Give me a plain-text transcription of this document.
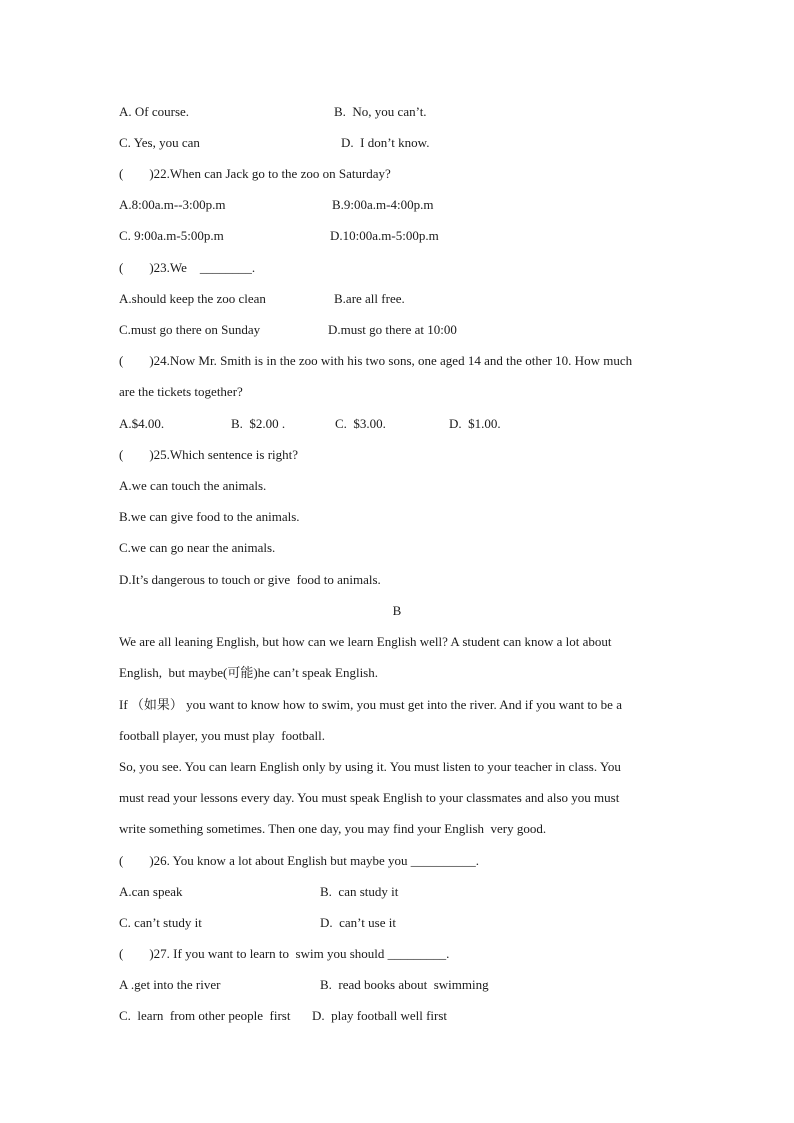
A. Of course.	B.  No, you can’t.
C. Yes, you can	D.  I don’t know.
(        )22.When can Jack go to the zoo on Saturday?
A.8:00a.m--3:00p.m	B.9:00a.m-4:00p.m
C. 9:00a.m-5:00p.m	D.10:00a.m-5:00p.m
(        )23.We    ________.
A.should keep the zoo clean	B.are all free.
C.must go there on Sunday	D.must go there at 10:00
(        )24.Now Mr. Smith is in the zoo with his two sons, one aged 14 and the other 10. How much
are the tickets together?
A.$4.00.	B.  $2.00 .	C.  $3.00.	D.  $1.00.
(        )25.Which sentence is right?
A.we can touch the animals.
B.we can give food to the animals.
C.we can go near the animals.
D.It’s dangerous to touch or give  food to animals.
B
We are all leaning English, but how can we learn English well? A student can know a lot about
English,  but maybe(可能)he can’t speak English.
If （如果） you want to know how to swim, you must get into the river. And if you want to be a
football player, you must play  football.
So, you see. You can learn English only by using it. You must listen to your teacher in class. You
must read your lessons every day. You must speak English to your classmates and also you must
write something sometimes. Then one day, you may find your English  very good.
(        )26. You know a lot about English but maybe you __________.
A.can speak	B.  can study it
C. can’t study it	D.  can’t use it
(        )27. If you want to learn to  swim you should _________.
A .get into the river	B.  read books about  swimming
C.  learn  from other people  first D.  play football well first
